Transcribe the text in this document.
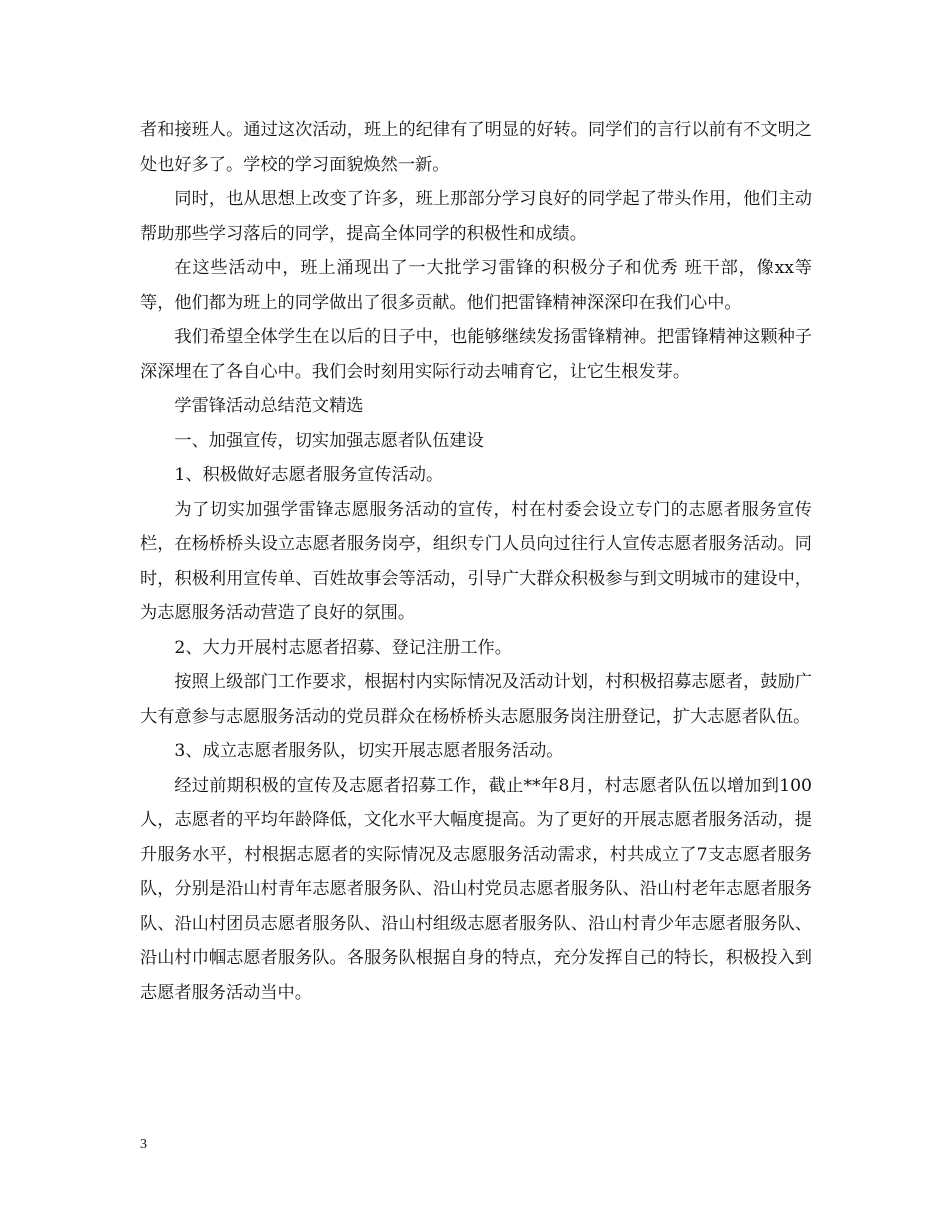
者和接班人。通过这次活动，班上的纪律有了明显的好转。同学们的言行以前有不文明之处也好多了。学校的学习面貌焕然一新。

同时，也从思想上改变了许多，班上那部分学习良好的同学起了带头作用，他们主动帮助那些学习落后的同学，提高全体同学的积极性和成绩。

在这些活动中，班上涌现出了一大批学习雷锋的积极分子和优秀 班干部，像xx等等，他们都为班上的同学做出了很多贡献。他们把雷锋精神深深印在我们心中。

我们希望全体学生在以后的日子中，也能够继续发扬雷锋精神。把雷锋精神这颗种子深深埋在了各自心中。我们会时刻用实际行动去哺育它，让它生根发芽。

学雷锋活动总结范文精选

一、加强宣传，切实加强志愿者队伍建设

1、积极做好志愿者服务宣传活动。

为了切实加强学雷锋志愿服务活动的宣传，村在村委会设立专门的志愿者服务宣传栏，在杨桥桥头设立志愿者服务岗亭，组织专门人员向过往行人宣传志愿者服务活动。同时，积极利用宣传单、百姓故事会等活动，引导广大群众积极参与到文明城市的建设中，为志愿服务活动营造了良好的氛围。

2、大力开展村志愿者招募、登记注册工作。

按照上级部门工作要求，根据村内实际情况及活动计划，村积极招募志愿者，鼓励广大有意参与志愿服务活动的党员群众在杨桥桥头志愿服务岗注册登记，扩大志愿者队伍。

3、成立志愿者服务队，切实开展志愿者服务活动。

经过前期积极的宣传及志愿者招募工作，截止**年8月，村志愿者队伍以增加到100人，志愿者的平均年龄降低，文化水平大幅度提高。为了更好的开展志愿者服务活动，提升服务水平，村根据志愿者的实际情况及志愿服务活动需求，村共成立了7支志愿者服务队，分别是沿山村青年志愿者服务队、沿山村党员志愿者服务队、沿山村老年志愿者服务队、沿山村团员志愿者服务队、沿山村组级志愿者服务队、沿山村青少年志愿者服务队、沿山村巾帼志愿者服务队。各服务队根据自身的特点，充分发挥自己的特长，积极投入到志愿者服务活动当中。

3
